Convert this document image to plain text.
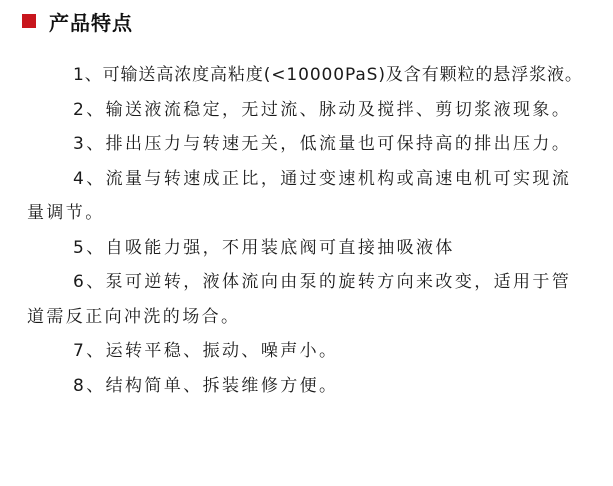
产品特点

1、可输送高浓度高粘度(<10000PaS)及含有颗粒的悬浮浆液。

2、输送液流稳定，无过流、脉动及搅拌、剪切浆液现象。

3、排出压力与转速无关，低流量也可保持高的排出压力。

4、流量与转速成正比，通过变速机构或高速电机可实现流量调节。

5、自吸能力强，不用装底阀可直接抽吸液体

6、泵可逆转，液体流向由泵的旋转方向来改变，适用于管道需反正向冲洗的场合。

7、运转平稳、振动、噪声小。

8、结构简单、拆装维修方便。
